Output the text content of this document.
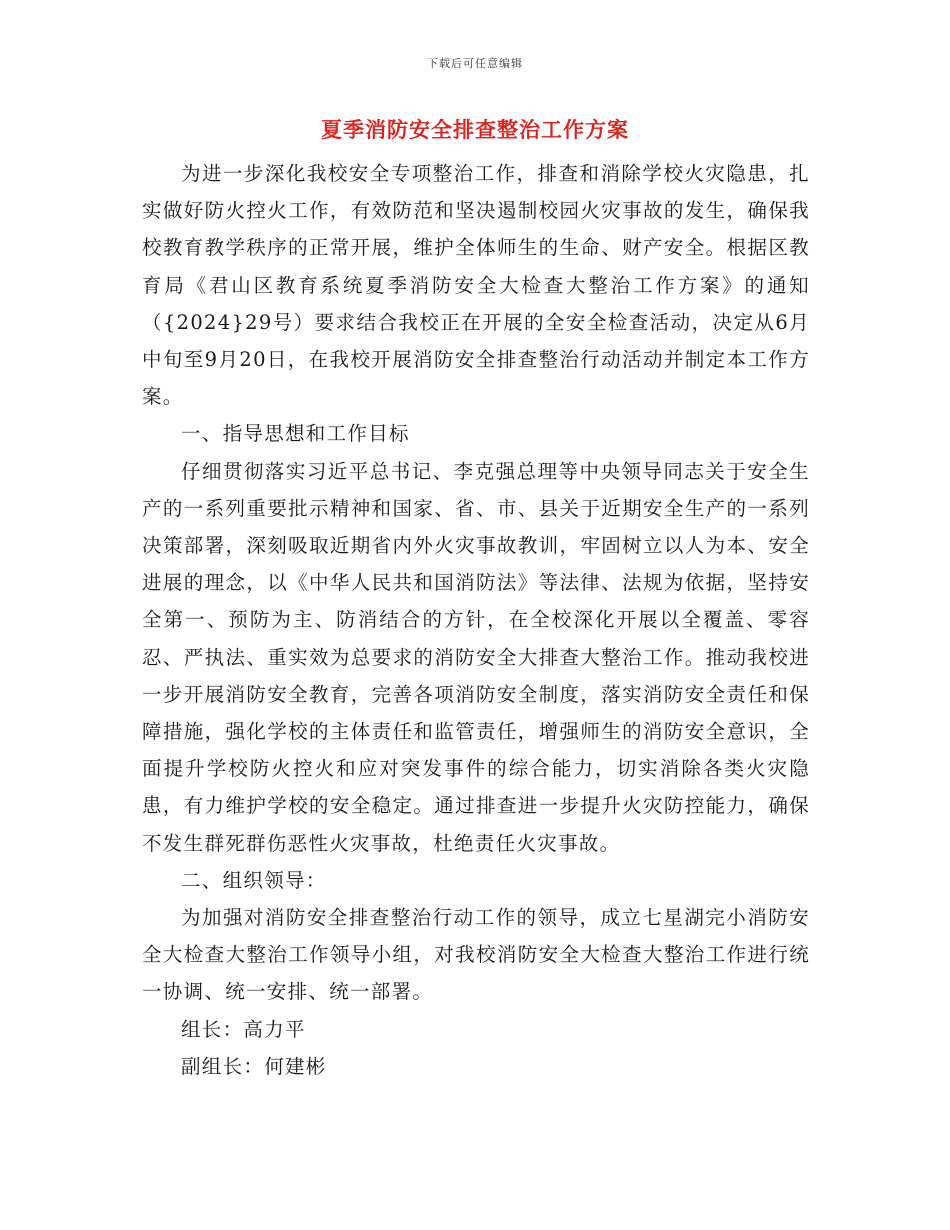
下载后可任意编辑
夏季消防安全排查整治工作方案

为进一步深化我校安全专项整治工作，排查和消除学校火灾隐患，扎实做好防火控火工作，有效防范和坚决遏制校园火灾事故的发生，确保我校教育教学秩序的正常开展，维护全体师生的生命、财产安全。根据区教育局《君山区教育系统夏季消防安全大检查大整治工作方案》的通知（{2024}29号）要求结合我校正在开展的全安全检查活动，决定从6月中旬至9月20日，在我校开展消防安全排查整治行动活动并制定本工作方案。

一、指导思想和工作目标

仔细贯彻落实习近平总书记、李克强总理等中央领导同志关于安全生产的一系列重要批示精神和国家、省、市、县关于近期安全生产的一系列决策部署，深刻吸取近期省内外火灾事故教训，牢固树立以人为本、安全进展的理念，以《中华人民共和国消防法》等法律、法规为依据，坚持安全第一、预防为主、防消结合的方针，在全校深化开展以全覆盖、零容忍、严执法、重实效为总要求的消防安全大排查大整治工作。推动我校进一步开展消防安全教育，完善各项消防安全制度，落实消防安全责任和保障措施，强化学校的主体责任和监管责任，增强师生的消防安全意识，全面提升学校防火控火和应对突发事件的综合能力，切实消除各类火灾隐患，有力维护学校的安全稳定。通过排查进一步提升火灾防控能力，确保不发生群死群伤恶性火灾事故，杜绝责任火灾事故。

二、组织领导：

为加强对消防安全排查整治行动工作的领导，成立七星湖完小消防安全大检查大整治工作领导小组，对我校消防安全大检查大整治工作进行统一协调、统一安排、统一部署。

组长：高力平

副组长：何建彬
